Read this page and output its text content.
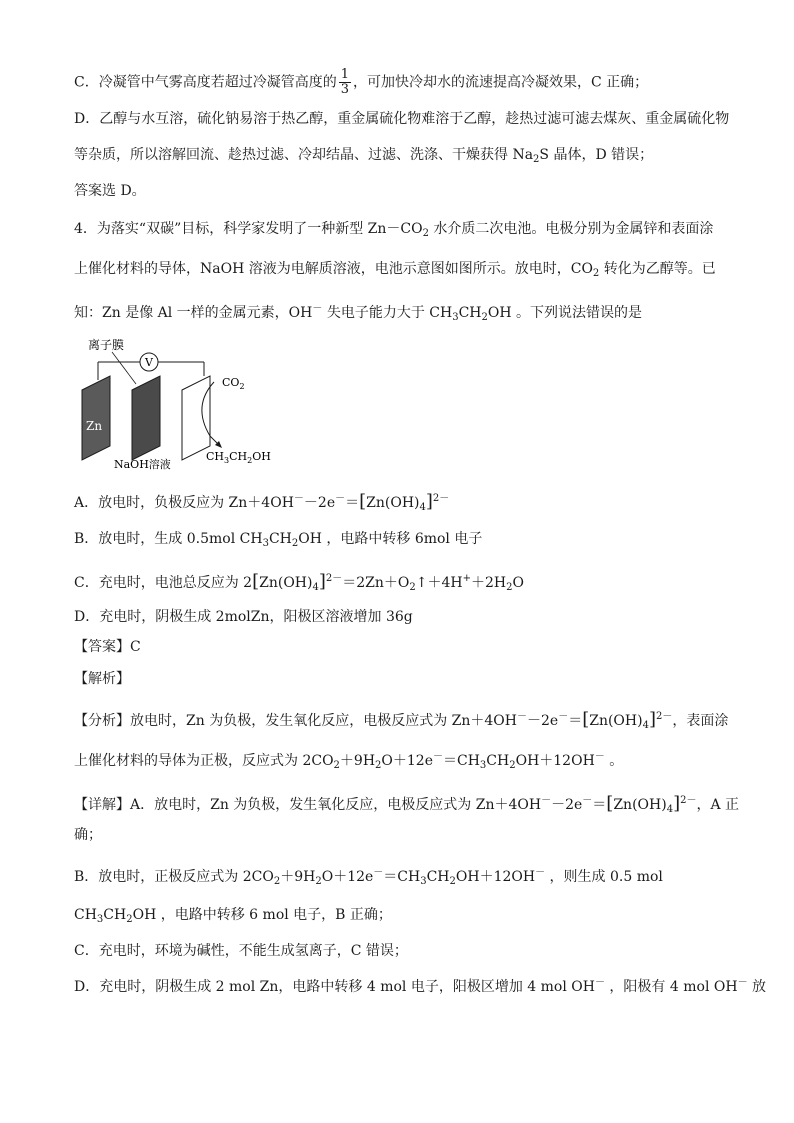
C．冷凝管中气雾高度若超过冷凝管高度的 $\frac{1}{3}$ ，可加快冷却水的流速提高冷凝效果，C 正确；
D．乙醇与水互溶，硫化钠易溶于热乙醇，重金属硫化物难溶于乙醇，趁热过滤可滤去煤灰、重金属硫化物
等杂质，所以溶解回流、趁热过滤、冷却结晶、过滤、洗涤、干燥获得 $Na_2S$ 晶体，D 错误；
答案选 D。
4．为落实“双碳”目标，科学家发明了一种新型 $Zn-CO_2$ 水介质二次电池。电极分别为金属锌和表面涂
上催化材料的导体，NaOH 溶液为电解质溶液，电池示意图如图所示。放电时，$CO_2$ 转化为乙醇等。已
知：Zn 是像 Al 一样的金属元素，OH－ 失电子能力大于 $CH_3CH_2OH$ 。下列说法错误的是
V
离子膜
Zn
$CO_2$
NaOH溶液
$CH_3CH_2OH$
A．放电时，负极反应为 $Zn+4OH^--2e^-=[Zn(OH)_4]^{2-}$
B．放电时，生成 0.5mol $CH_3CH_2OH$ ，电路中转移 6mol 电子
C．充电时，电池总反应为 $2[Zn(OH)_4]^{2-}=2Zn+O_2↑+4H^++2H_2O$
D．充电时，阴极生成 2molZn，阳极区溶液增加 36g
【答案】C
【解析】
【分析】放电时，Zn 为负极，发生氧化反应，电极反应式为 $Zn+4OH^--2e^-=[Zn(OH)_4]^{2-}$，表面涂
上催化材料的导体为正极，反应式为 $2CO_2+9H_2O+12e^-=CH_3CH_2OH+12OH^-$ 。
【详解】A．放电时，Zn 为负极，发生氧化反应，电极反应式为 $Zn+4OH^--2e^-=[Zn(OH)_4]^{2-}$，A 正
确；
B．放电时，正极反应式为 $2CO_2+9H_2O+12e^-=CH_3CH_2OH+12OH^-$ ，则生成 0.5 mol
$CH_3CH_2OH$ ，电路中转移 6 mol 电子，B 正确；
C．充电时，环境为碱性，不能生成氢离子，C 错误；
D．充电时，阴极生成 2 mol Zn，电路中转移 4 mol 电子，阳极区增加 4 mol OH－ ，阳极有 4 mol OH－ 放
